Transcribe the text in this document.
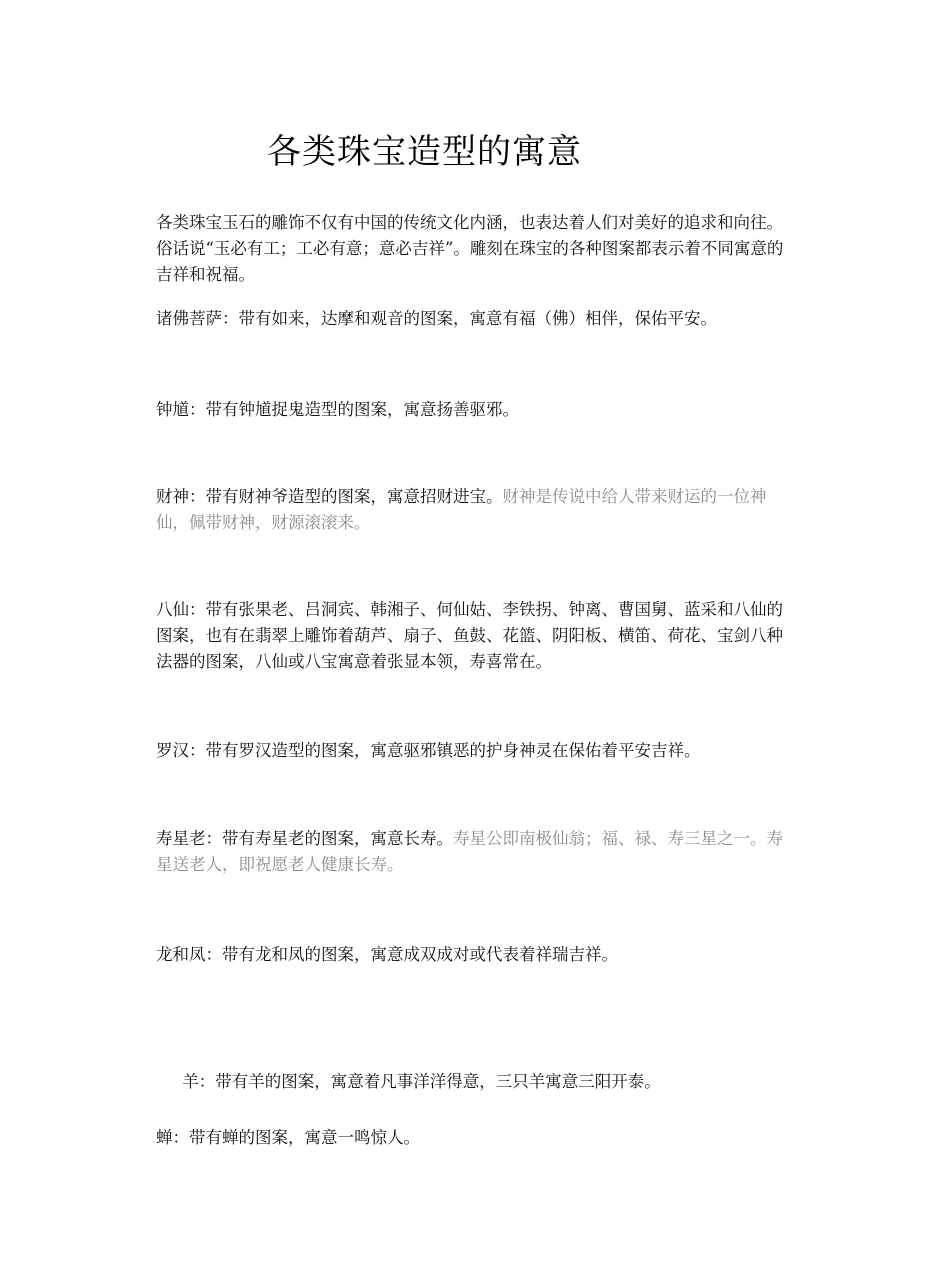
各类珠宝造型的寓意

各类珠宝玉石的雕饰不仅有中国的传统文化内涵，也表达着人们对美好的追求和向往。俗话说“玉必有工；工必有意；意必吉祥”。雕刻在珠宝的各种图案都表示着不同寓意的吉祥和祝福。

诸佛菩萨：带有如来，达摩和观音的图案，寓意有福（佛）相伴，保佑平安。

钟馗：带有钟馗捉鬼造型的图案，寓意扬善驱邪。

财神：带有财神爷造型的图案，寓意招财进宝。财神是传说中给人带来财运的一位神仙，佩带财神，财源滚滚来。

八仙：带有张果老、吕洞宾、韩湘子、何仙姑、李铁拐、钟离、曹国舅、蓝采和八仙的图案，也有在翡翠上雕饰着葫芦、扇子、鱼鼓、花篮、阴阳板、横笛、荷花、宝剑八种法器的图案，八仙或八宝寓意着张显本领，寿喜常在。

罗汉：带有罗汉造型的图案，寓意驱邪镇恶的护身神灵在保佑着平安吉祥。

寿星老：带有寿星老的图案，寓意长寿。寿星公即南极仙翁；福、禄、寿三星之一。寿星送老人，即祝愿老人健康长寿。

龙和凤：带有龙和凤的图案，寓意成双成对或代表着祥瑞吉祥。

羊：带有羊的图案，寓意着凡事洋洋得意，三只羊寓意三阳开泰。

蝉：带有蝉的图案，寓意一鸣惊人。
